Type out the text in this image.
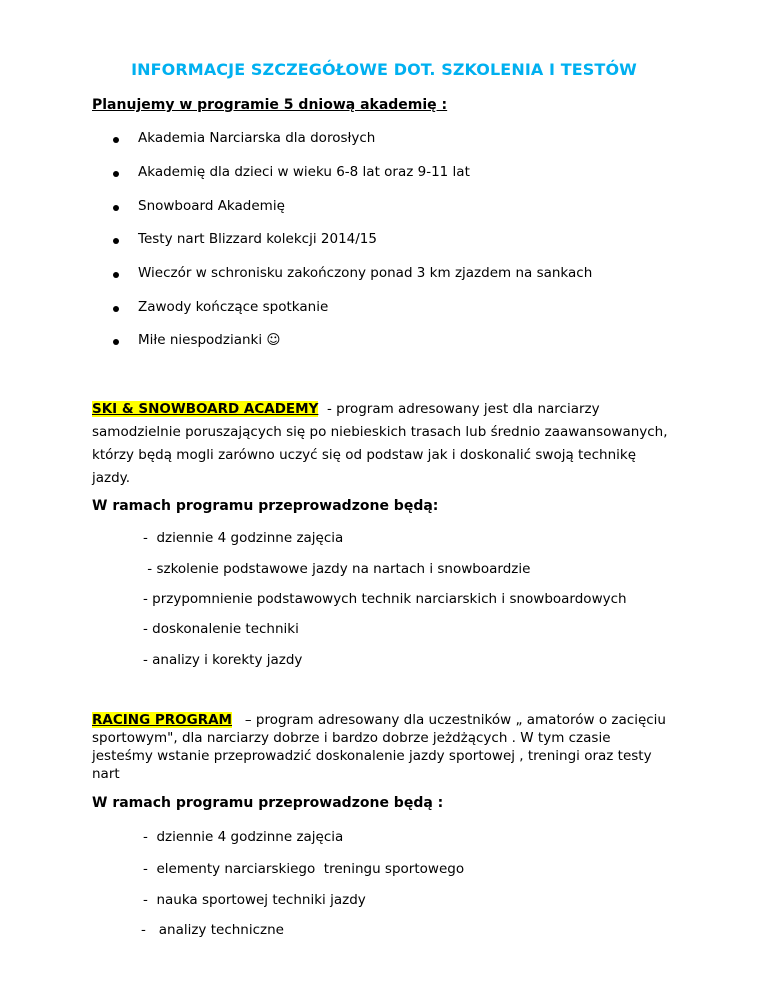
INFORMACJE SZCZEGÓŁOWE DOT. SZKOLENIA I TESTÓW
Planujemy w programie 5 dniową akademię :
Akademia Narciarska dla dorosłych
Akademię dla dzieci w wieku 6-8 lat oraz 9-11 lat
Snowboard Akademię
Testy nart Blizzard kolekcji 2014/15
Wieczór w schronisku zakończony ponad 3 km zjazdem na sankach
Zawody kończące spotkanie
Miłe niespodzianki ☺
SKI & SNOWBOARD ACADEMY  - program adresowany jest dla narciarzy
samodzielnie poruszających się po niebieskich trasach lub średnio zaawansowanych,
którzy będą mogli zarówno uczyć się od podstaw jak i doskonalić swoją technikę
jazdy.
W ramach programu przeprowadzone będą:
-  dziennie 4 godzinne zajęcia
- szkolenie podstawowe jazdy na nartach i snowboardzie
- przypomnienie podstawowych technik narciarskich i snowboardowych
- doskonalenie techniki
- analizy i korekty jazdy
RACING PROGRAM   – program adresowany dla uczestników „ amatorów o zacięciu
sportowym", dla narciarzy dobrze i bardzo dobrze jeżdżących . W tym czasie
jesteśmy wstanie przeprowadzić doskonalenie jazdy sportowej , treningi oraz testy
nart
W ramach programu przeprowadzone będą :
-  dziennie 4 godzinne zajęcia
-  elementy narciarskiego  treningu sportowego
-  nauka sportowej techniki jazdy
-   analizy techniczne
